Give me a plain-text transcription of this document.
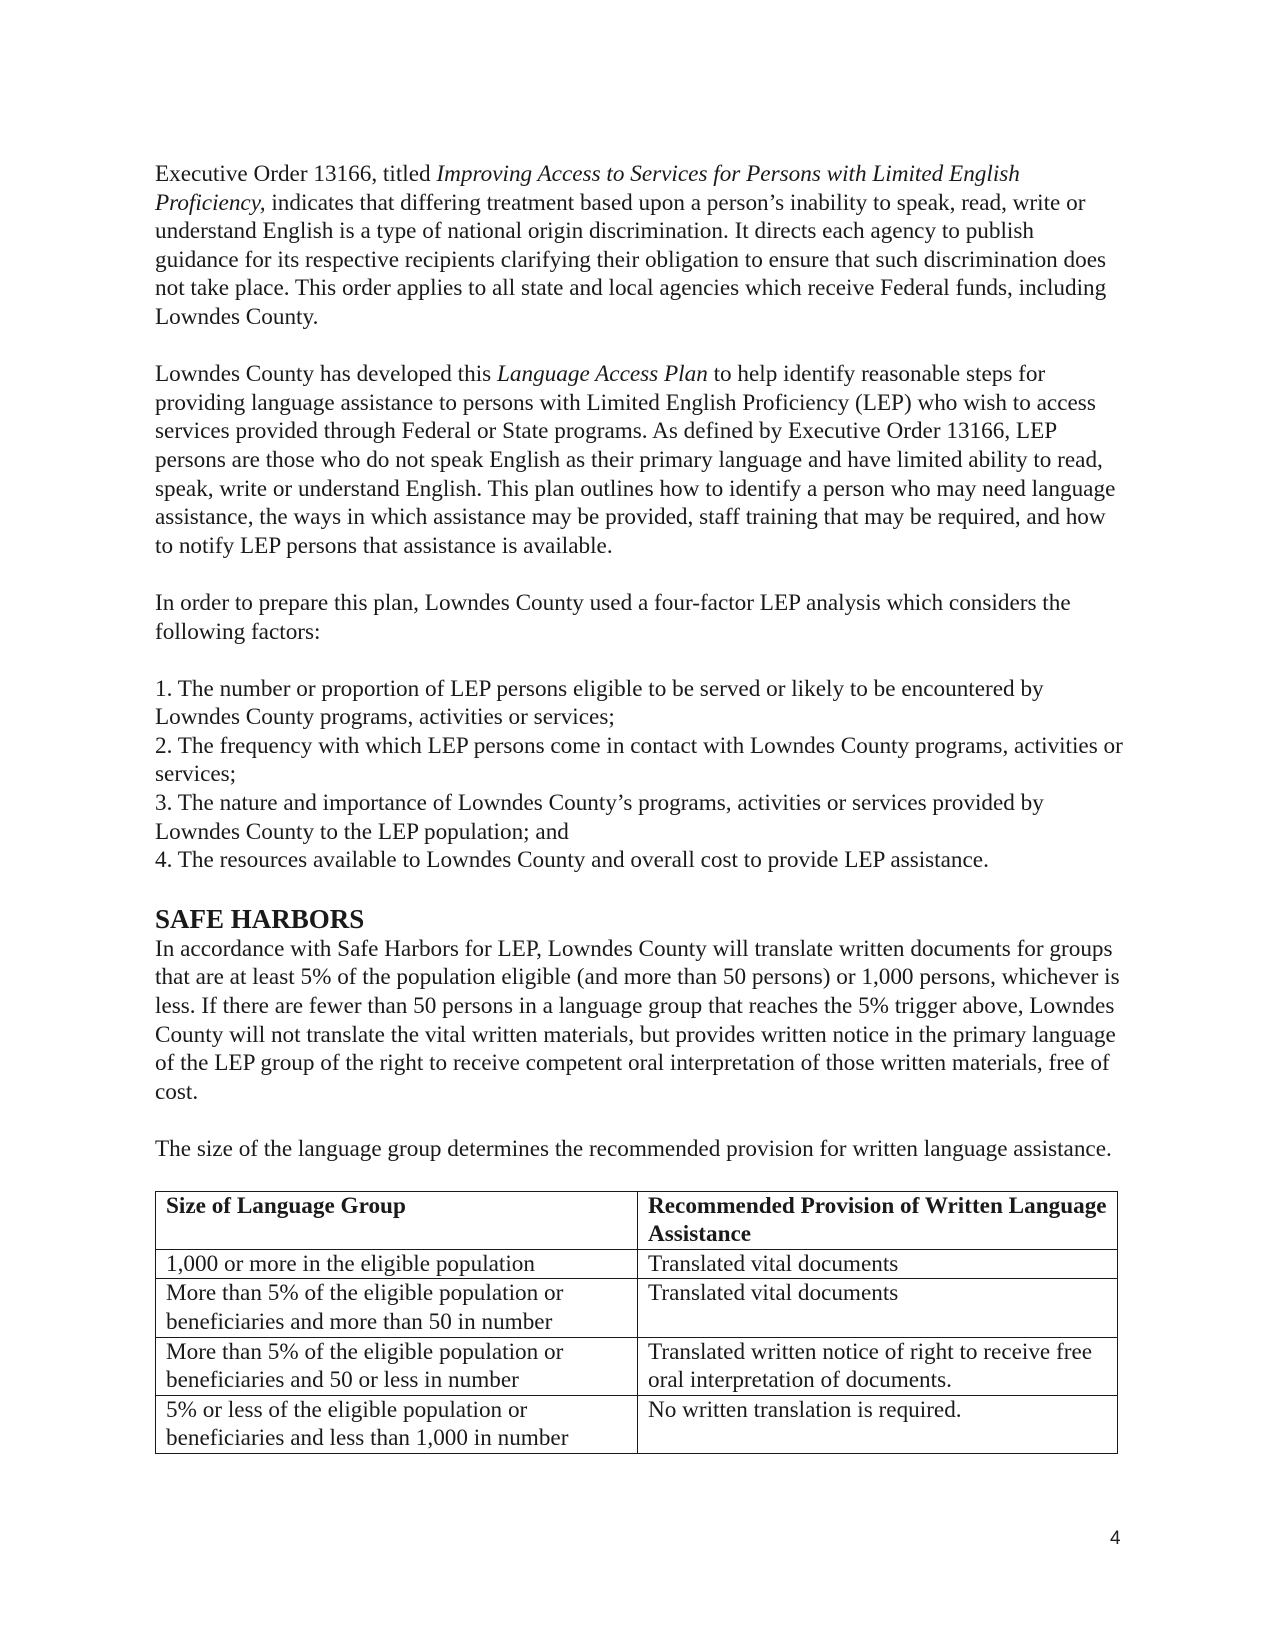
Executive Order 13166, titled Improving Access to Services for Persons with Limited English Proficiency, indicates that differing treatment based upon a person’s inability to speak, read, write or understand English is a type of national origin discrimination. It directs each agency to publish guidance for its respective recipients clarifying their obligation to ensure that such discrimination does not take place. This order applies to all state and local agencies which receive Federal funds, including Lowndes County.

Lowndes County has developed this Language Access Plan to help identify reasonable steps for providing language assistance to persons with Limited English Proficiency (LEP) who wish to access services provided through Federal or State programs. As defined by Executive Order 13166, LEP persons are those who do not speak English as their primary language and have limited ability to read, speak, write or understand English. This plan outlines how to identify a person who may need language assistance, the ways in which assistance may be provided, staff training that may be required, and how to notify LEP persons that assistance is available.

In order to prepare this plan, Lowndes County used a four-factor LEP analysis which considers the following factors:

1. The number or proportion of LEP persons eligible to be served or likely to be encountered by Lowndes County programs, activities or services;

2. The frequency with which LEP persons come in contact with Lowndes County programs, activities or services;

3. The nature and importance of Lowndes County’s programs, activities or services provided by Lowndes County to the LEP population; and

4. The resources available to Lowndes County and overall cost to provide LEP assistance.

SAFE HARBORS

In accordance with Safe Harbors for LEP, Lowndes County will translate written documents for groups that are at least 5% of the population eligible (and more than 50 persons) or 1,000 persons, whichever is less. If there are fewer than 50 persons in a language group that reaches the 5% trigger above, Lowndes County will not translate the vital written materials, but provides written notice in the primary language of the LEP group of the right to receive competent oral interpretation of those written materials, free of cost.

The size of the language group determines the recommended provision for written language assistance.

Size of Language Group	Recommended Provision of Written Language Assistance
1,000 or more in the eligible population	Translated vital documents
More than 5% of the eligible population or beneficiaries and more than 50 in number	Translated vital documents
More than 5% of the eligible population or beneficiaries and 50 or less in number	Translated written notice of right to receive free oral interpretation of documents.
5% or less of the eligible population or beneficiaries and less than 1,000 in number	No written translation is required.
4
